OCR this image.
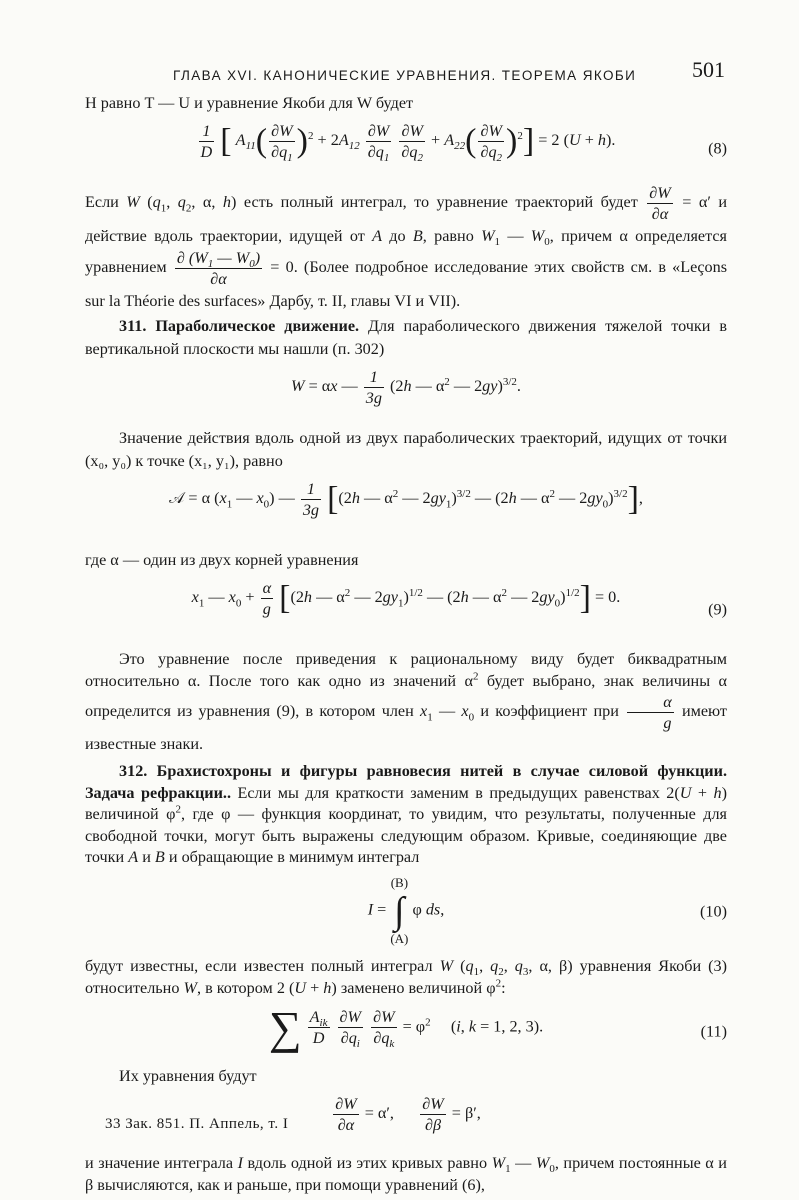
ГЛАВА XVI. КАНОНИЧЕСКИЕ УРАВНЕНИЯ. ТЕОРЕМА ЯКОБИ	501

H равно T — U и уравнение Якоби для W будет

$\frac{1}{D}$ [ $A_{11}( \frac{\partial W}{\partial q_1} )^2 + 2A_{12} \frac{\partial W}{\partial q_1}$
$\frac{\partial W}{\partial q_2} + A_{22}( \frac{\partial W}{\partial q_2} )^2] = 2$ (U + h).	(8)

Если W ($q_1$, $q_2$, α, h) есть полный интеграл, то уравнение траекторий будет $\frac{\partial W}{\partial\alpha} = \alpha'$ и действие вдоль траектории, идущей от A до B, равно $W_1$ — $W_0$, причем α определяется уравнением $\frac{\partial (W_1 — W_0)}{\partial\alpha} = 0$. (Более подробное исследование этих свойств см. в «Leçons sur la Théorie des surfaces» Дарбу, т. II, главы VI и VII).

311. Параболическое движение. Для параболического движения тяжелой точки в вертикальной плоскости мы нашли (п. 302)

W = αx — $\frac{1}{3g} (2h$ — $\alpha^2$ — 2gy)$^{3/2}$.

Значение действия вдоль одной из двух параболических траекторий, идущих от точки (x₀, y₀) к точке (x₁, y₁), равно

𝒜 = α ($x_1$ — $x_0$) — $\frac{1}{3g} [(2h$ — $\alpha^2$ — $2gy_1)^{3/2}$ — (2h — $\alpha^2$ — $2gy_0)^{3/2}$],

где α — один из двух корней уравнения

$x_1$ — $x_0 + \frac{\alpha}{g} [(2h$ — $\alpha^2$ — $2gy_1)^{1/2}$ — (2h — $\alpha^2$ — $2gy_0)^{1/2}] = 0$.
(9)

Это уравнение после приведения к рациональному виду будет биквадратным относительно α. После того как одно из значений $\alpha^2$ будет выбрано, знак величины α определится из уравнения (9), в котором член $x_1$ — $x_0$ и коэффициент при $\frac{\alpha}{g}$ имеют известные знаки.

312. Брахистохроны и фигуры равновесия нитей в случае силовой функции. Задача рефракции.. Если мы для краткости заменим в предыдущих равенствах 2(U + h) величиной $\varphi^2$, где φ — функция координат, то увидим, что результаты, полученные для свободной точки, могут быть выражены следующим образом. Кривые, соединяющие две точки A и B и обращающие в минимум интеграл

I =
(B)
∫
(A)
φ ds,	(10)

будут известны, если известен полный интеграл W ($q_1$, $q_2$, $q_3$, α, β) уравнения Якоби (3) относительно W, в котором 2 (U + h) заменено величиной $\varphi^2$:

∑ $\frac{A_{ik}}{D}$
$\frac{\partial W}{\partial q_i}$
$\frac{\partial W}{\partial q_k} = \varphi^2$     (i, k = 1, 2, 3).	(11)

Их уравнения будут

$\frac{\partial W}{\partial\alpha} = \alpha'$, $\frac{\partial W}{\partial\beta} = \beta'$,

и значение интеграла I вдоль одной из этих кривых равно $W_1$ — $W_0$, причем постоянные α и β вычисляются, как и раньше, при помощи уравнений (6),

33 Зак. 851. П. Аппель, т. I
